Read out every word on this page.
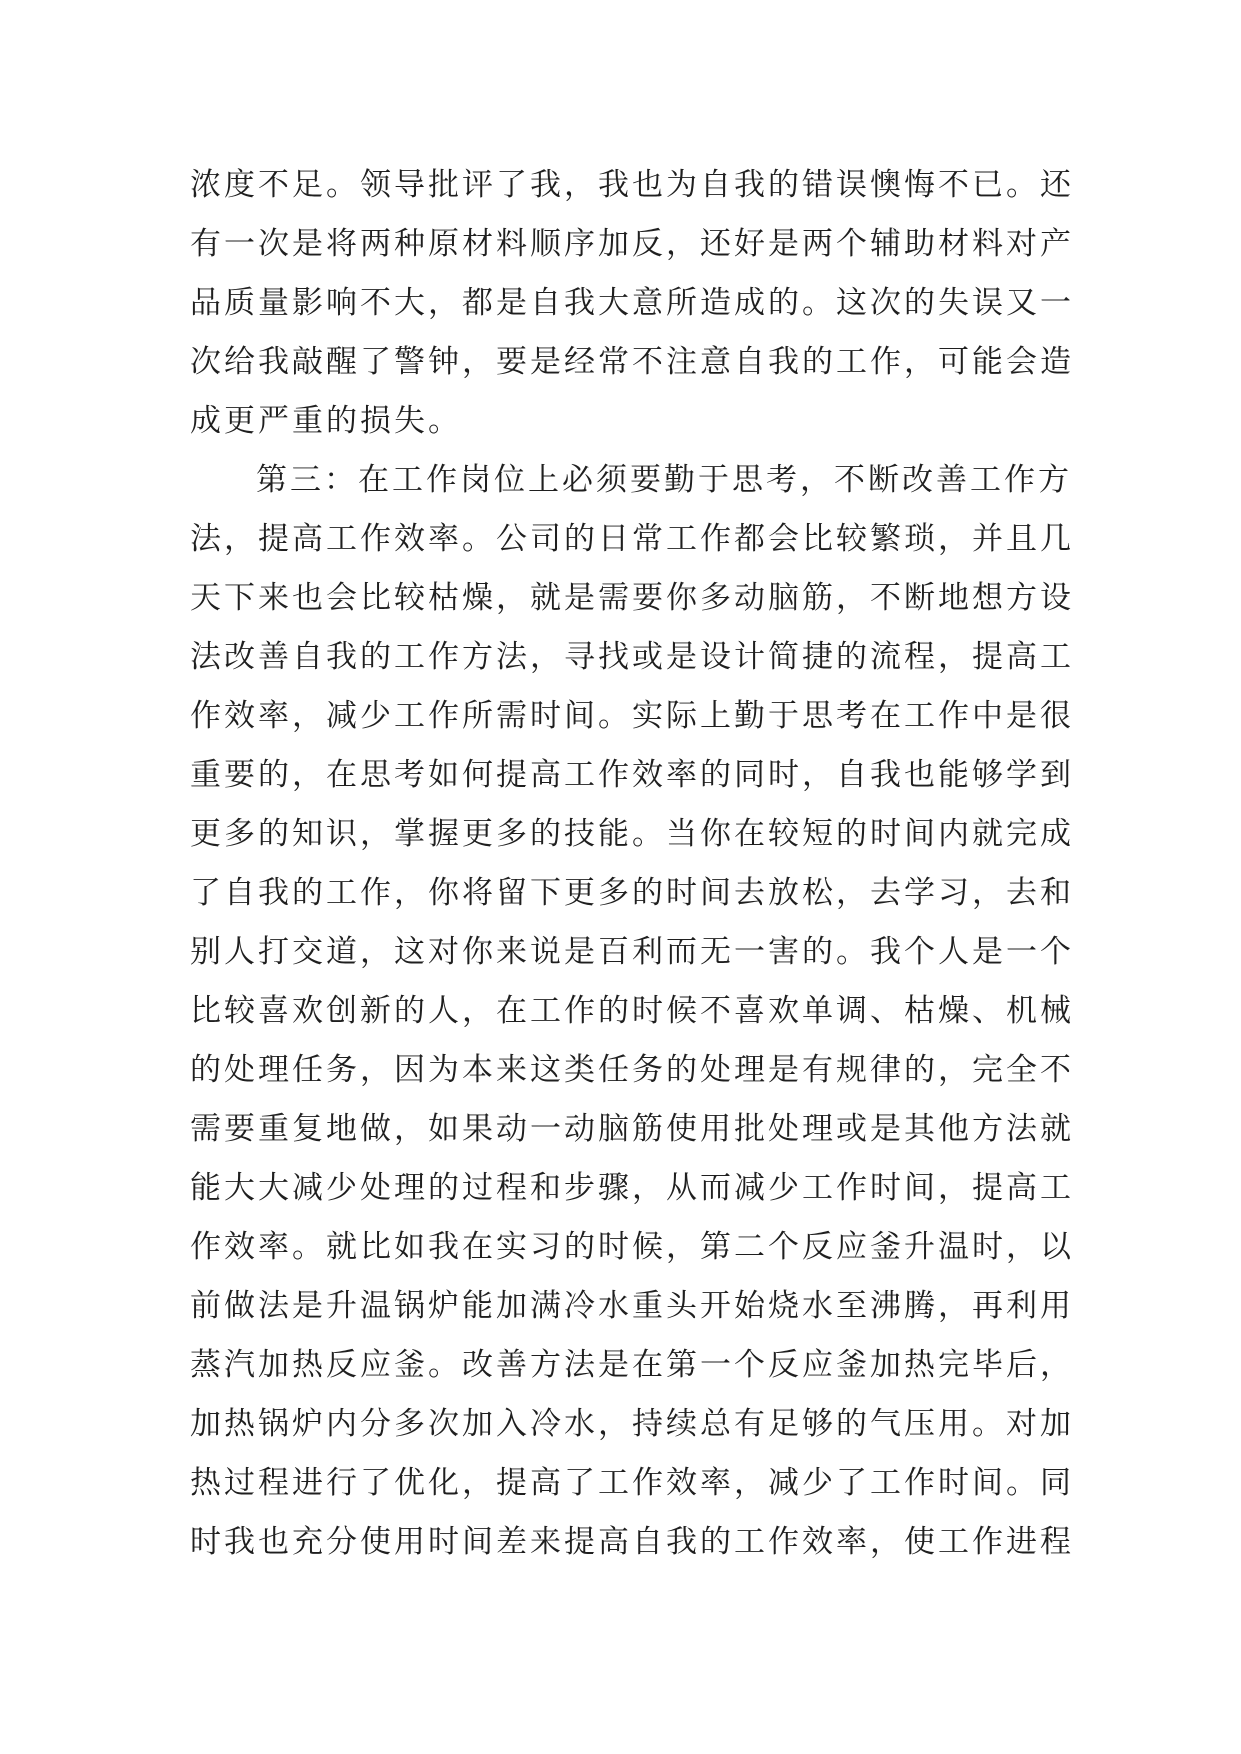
浓度不足。领导批评了我，我也为自我的错误懊悔不已。还
有一次是将两种原材料顺序加反，还好是两个辅助材料对产
品质量影响不大，都是自我大意所造成的。这次的失误又一
次给我敲醒了警钟，要是经常不注意自我的工作，可能会造
成更严重的损失。
第三：在工作岗位上必须要勤于思考，不断改善工作方
法，提高工作效率。公司的日常工作都会比较繁琐，并且几
天下来也会比较枯燥，就是需要你多动脑筋，不断地想方设
法改善自我的工作方法，寻找或是设计简捷的流程，提高工
作效率，减少工作所需时间。实际上勤于思考在工作中是很
重要的，在思考如何提高工作效率的同时，自我也能够学到
更多的知识，掌握更多的技能。当你在较短的时间内就完成
了自我的工作，你将留下更多的时间去放松，去学习，去和
别人打交道，这对你来说是百利而无一害的。我个人是一个
比较喜欢创新的人，在工作的时候不喜欢单调、枯燥、机械
的处理任务，因为本来这类任务的处理是有规律的，完全不
需要重复地做，如果动一动脑筋使用批处理或是其他方法就
能大大减少处理的过程和步骤，从而减少工作时间，提高工
作效率。就比如我在实习的时候，第二个反应釜升温时，以
前做法是升温锅炉能加满冷水重头开始烧水至沸腾，再利用
蒸汽加热反应釜。改善方法是在第一个反应釜加热完毕后，
加热锅炉内分多次加入冷水，持续总有足够的气压用。对加
热过程进行了优化，提高了工作效率，减少了工作时间。同
时我也充分使用时间差来提高自我的工作效率，使工作进程
